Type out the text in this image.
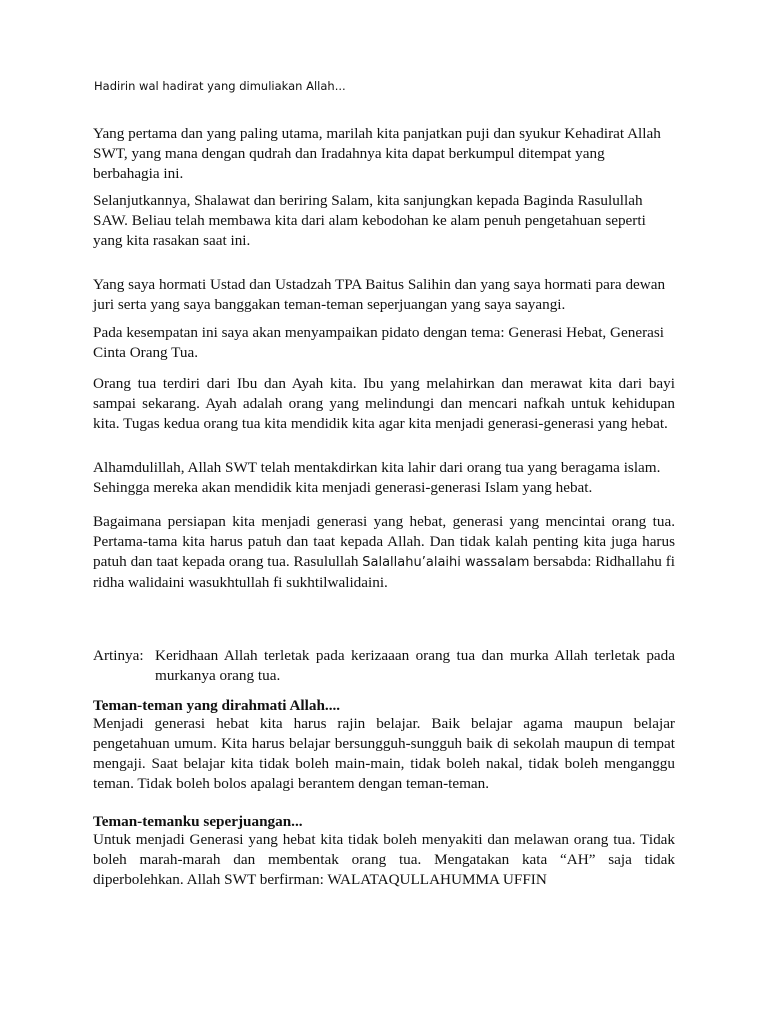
Hadirin wal hadirat yang dimuliakan Allah...

Yang pertama dan yang paling utama, marilah kita panjatkan puji dan syukur Kehadirat Allah SWT, yang mana dengan qudrah dan Iradahnya kita dapat berkumpul ditempat yang berbahagia ini.

Selanjutkannya, Shalawat dan beriring Salam, kita sanjungkan kepada Baginda Rasulullah SAW. Beliau telah membawa kita dari alam kebodohan ke alam penuh pengetahuan seperti yang kita rasakan saat ini.

Yang saya hormati Ustad dan Ustadzah TPA Baitus Salihin dan yang saya hormati para dewan juri serta yang saya banggakan teman-teman seperjuangan yang saya sayangi.

Pada kesempatan ini saya akan menyampaikan pidato dengan tema: Generasi Hebat, Generasi Cinta Orang Tua.

Orang tua terdiri dari Ibu dan Ayah kita. Ibu yang melahirkan dan merawat kita dari bayi sampai sekarang. Ayah adalah orang yang melindungi dan mencari nafkah untuk kehidupan kita. Tugas kedua orang tua kita mendidik kita agar kita menjadi generasi-generasi yang hebat.

Alhamdulillah, Allah SWT telah mentakdirkan kita lahir dari orang tua yang beragama islam. Sehingga mereka akan mendidik kita menjadi generasi-generasi Islam yang hebat.

Bagaimana persiapan kita menjadi generasi yang hebat, generasi yang mencintai orang tua. Pertama-tama kita harus patuh dan taat kepada Allah. Dan tidak kalah penting kita juga harus patuh dan taat kepada orang tua. Rasulullah Salallahu’alaihi wassalam bersabda: Ridhallahu fi ridha walidaini wasukhtullah fi sukhtilwalidaini.

Artinya: Keridhaan Allah terletak pada kerizaaan orang tua dan murka Allah terletak pada murkanya orang tua.
Teman-teman yang dirahmati Allah....

Menjadi generasi hebat kita harus rajin belajar. Baik belajar agama maupun belajar pengetahuan umum. Kita harus belajar bersungguh-sungguh baik di sekolah maupun di tempat mengaji. Saat belajar kita tidak boleh main-main, tidak boleh nakal, tidak boleh menganggu teman. Tidak boleh bolos apalagi berantem dengan teman-teman.

Teman-temanku seperjuangan...

Untuk menjadi Generasi yang hebat kita tidak boleh menyakiti dan melawan orang tua. Tidak boleh marah-marah dan membentak orang tua. Mengatakan kata “AH” saja tidak diperbolehkan. Allah SWT berfirman: WALATAQULLAHUMMA UFFIN
